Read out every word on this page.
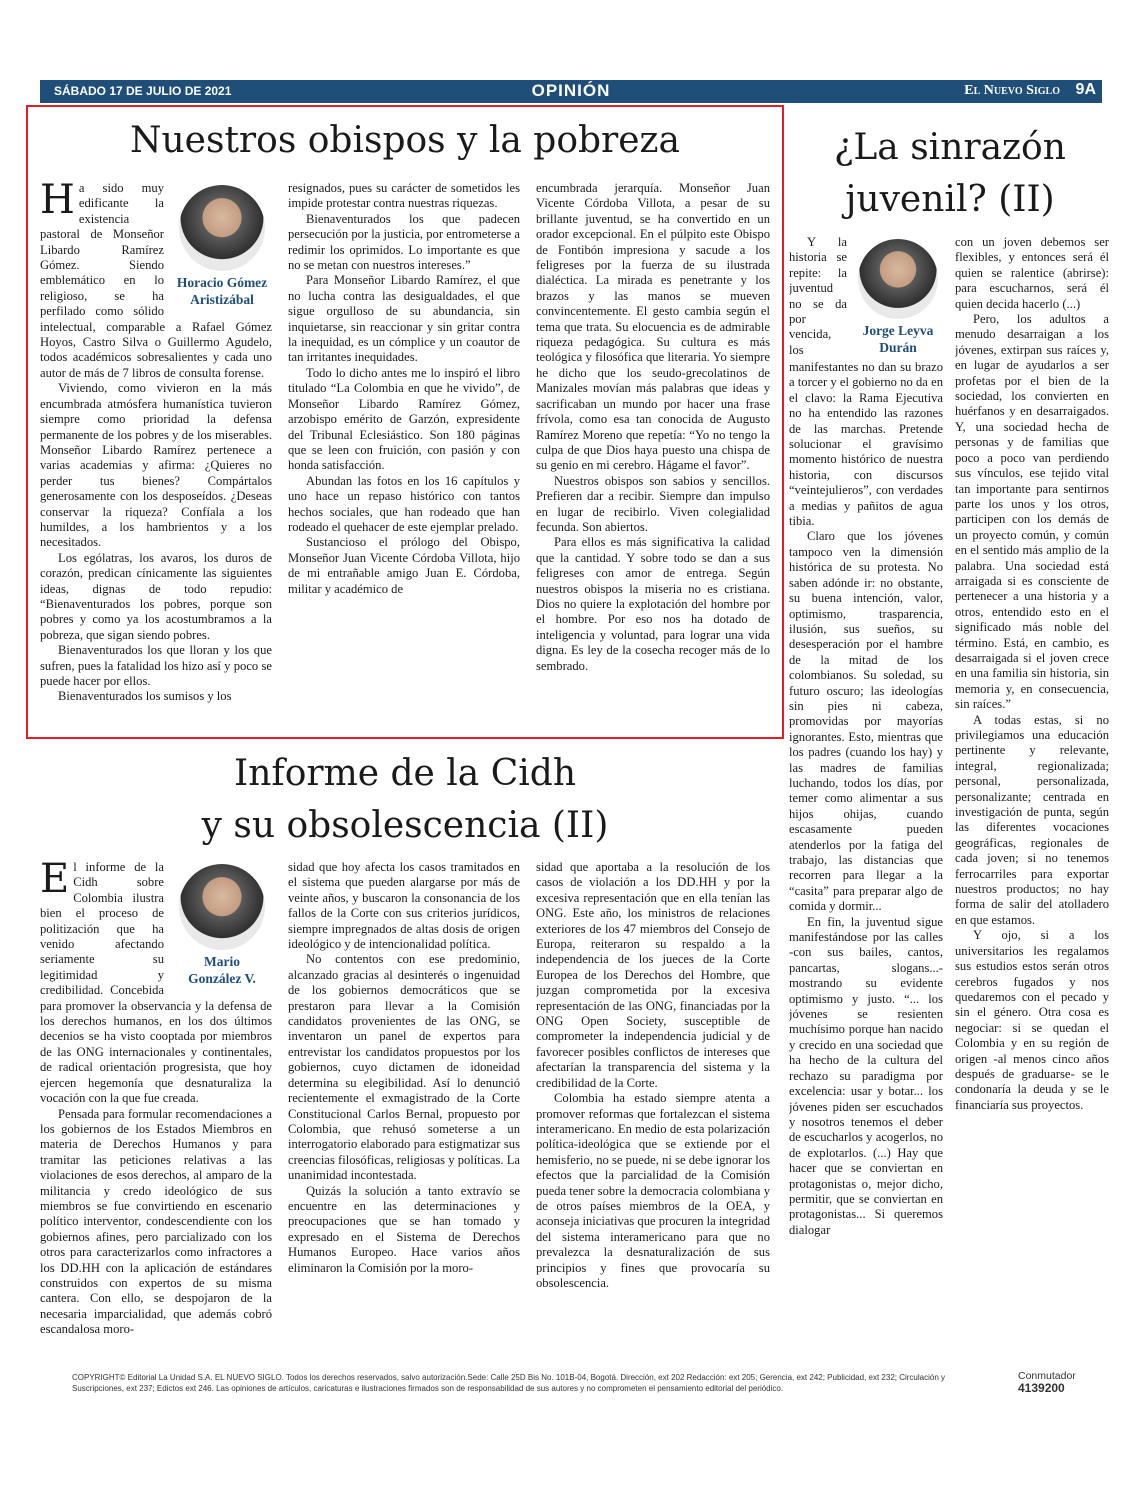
SÁBADO 17 DE JULIO DE 2021	OPINIÓN	El Nuevo Siglo 9A
Nuestros obispos y la pobreza
Horacio Gómez
Aristizábal

Ha sido muy edificante la existencia pastoral de Monseñor Libardo Ramírez Gómez. Siendo emblemático en lo religioso, se ha perfilado como sólido intelectual, comparable a Rafael Gómez Hoyos, Castro Silva o Guillermo Agudelo, todos académicos sobresalientes y cada uno autor de más de 7 libros de consulta forense.

Viviendo, como vivieron en la más encumbrada atmósfera humanística tuvieron siempre como prioridad la defensa permanente de los pobres y de los miserables. Monseñor Libardo Ramírez pertenece a varias academias y afirma: ¿Quieres no perder tus bienes? Compártalos generosamente con los desposeídos. ¿Deseas conservar la riqueza? Confíala a los humildes, a los hambrientos y a los necesitados.

Los ególatras, los avaros, los duros de corazón, predican cínicamente las siguientes ideas, dignas de todo repudio: “Bienaventurados los pobres, porque son pobres y como ya los acostumbramos a la pobreza, que sigan siendo pobres.

Bienaventurados los que lloran y los que sufren, pues la fatalidad los hizo así y poco se puede hacer por ellos.

Bienaventurados los sumisos y los

resignados, pues su carácter de sometidos les impide protestar contra nuestras riquezas.

Bienaventurados los que padecen persecución por la justicia, por entrometerse a redimir los oprimidos. Lo importante es que no se metan con nuestros intereses.”

Para Monseñor Libardo Ramírez, el que no lucha contra las desigualdades, el que sigue orgulloso de su abundancia, sin inquietarse, sin reaccionar y sin gritar contra la inequidad, es un cómplice y un coautor de tan irritantes inequidades.

Todo lo dicho antes me lo inspiró el libro titulado “La Colombia en que he vivido”, de Monseñor Libardo Ramírez Gómez, arzobispo emérito de Garzón, expresidente del Tribunal Eclesiástico. Son 180 páginas que se leen con fruición, con pasión y con honda satisfacción.

Abundan las fotos en los 16 capítulos y uno hace un repaso histórico con tantos hechos sociales, que han rodeado que han rodeado el quehacer de este ejemplar prelado.

Sustancioso el prólogo del Obispo, Monseñor Juan Vicente Córdoba Villota, hijo de mi entrañable amigo Juan E. Córdoba, militar y académico de

encumbrada jerarquía. Monseñor Juan Vicente Córdoba Villota, a pesar de su brillante juventud, se ha convertido en un orador excepcional. En el púlpito este Obispo de Fontibón impresiona y sacude a los feligreses por la fuerza de su ilustrada dialéctica. La mirada es penetrante y los brazos y las manos se mueven convincentemente. El gesto cambia según el tema que trata. Su elocuencia es de admirable riqueza pedagógica. Su cultura es más teológica y filosófica que literaria. Yo siempre he dicho que los seudo-grecolatinos de Manizales movían más palabras que ideas y sacrificaban un mundo por hacer una frase frívola, como esa tan conocida de Augusto Ramírez Moreno que repetía: “Yo no tengo la culpa de que Dios haya puesto una chispa de su genio en mi cerebro. Hágame el favor”.

Nuestros obispos son sabios y sencillos. Prefieren dar a recibir. Siempre dan impulso en lugar de recibirlo. Viven colegialidad fecunda. Son abiertos.

Para ellos es más significativa la calidad que la cantidad. Y sobre todo se dan a sus feligreses con amor de entrega. Según nuestros obispos la miseria no es cristiana. Dios no quiere la explotación del hombre por el hombre. Por eso nos ha dotado de inteligencia y voluntad, para lograr una vida digna. Es ley de la cosecha recoger más de lo sembrado.

¿La sinrazón
juvenil? (II)
Jorge Leyva
Durán

Y la historia se repite: la juventud no se da por vencida, los manifestantes no dan su brazo a torcer y el gobierno no da en el clavo: la Rama Ejecutiva no ha entendido las razones de las marchas. Pretende solucionar el gravísimo momento histórico de nuestra historia, con discursos “veintejulieros”, con verdades a medias y pañitos de agua tibia.

Claro que los jóvenes tampoco ven la dimensión histórica de su protesta. No saben adónde ir: no obstante, su buena intención, valor, optimismo, trasparencia, ilusión, sus sueños, su desesperación por el hambre de la mitad de los colombianos. Su soledad, su futuro oscuro; las ideologías sin pies ni cabeza, promovidas por mayorías ignorantes. Esto, mientras que los padres (cuando los hay) y las madres de familias luchando, todos los días, por temer como alimentar a sus hijos ohijas, cuando escasamente pueden atenderlos por la fatiga del trabajo, las distancias que recorren para llegar a la “casita” para preparar algo de comida y dormir...

En fin, la juventud sigue manifestándose por las calles -con sus bailes, cantos, pancartas, slogans...- mostrando su evidente optimismo y justo. “... los jóvenes se resienten muchísimo porque han nacido y crecido en una sociedad que ha hecho de la cultura del rechazo su paradigma por excelencia: usar y botar... los jóvenes piden ser escuchados y nosotros tenemos el deber de escucharlos y acogerlos, no de explotarlos. (...) Hay que hacer que se conviertan en protagonistas o, mejor dicho, permitir, que se conviertan en protagonistas... Si queremos dialogar

con un joven debemos ser flexibles, y entonces será él quien se ralentice (abrirse): para escucharnos, será él quien decida hacerlo (...)

Pero, los adultos a menudo desarraigan a los jóvenes, extirpan sus raíces y, en lugar de ayudarlos a ser profetas por el bien de la sociedad, los convierten en huérfanos y en desarraigados. Y, una sociedad hecha de personas y de familias que poco a poco van perdiendo sus vínculos, ese tejido vital tan importante para sentirnos parte los unos y los otros, participen con los demás de un proyecto común, y común en el sentido más amplio de la palabra. Una sociedad está arraigada si es consciente de pertenecer a una historia y a otros, entendido esto en el significado más noble del término. Está, en cambio, es desarraigada si el joven crece en una familia sin historia, sin memoria y, en consecuencia, sin raíces.”

A todas estas, si no privilegiamos una educación pertinente y relevante, integral, regionalizada; personal, personalizada, personalizante; centrada en investigación de punta, según las diferentes vocaciones geográficas, regionales de cada joven; si no tenemos ferrocarriles para exportar nuestros productos; no hay forma de salir del atolladero en que estamos.

Y ojo, si a los universitarios les regalamos sus estudios estos serán otros cerebros fugados y nos quedaremos con el pecado y sin el género. Otra cosa es negociar: si se quedan el Colombia y en su región de origen -al menos cinco años después de graduarse- se le condonaría la deuda y se le financiaría sus proyectos.

Informe de la Cidh
y su obsolescencia (II)
Mario
González V.

El informe de la Cidh sobre Colombia ilustra bien el proceso de politización que ha venido afectando seriamente su legitimidad y credibilidad. Concebida para promover la observancia y la defensa de los derechos humanos, en los dos últimos decenios se ha visto cooptada por miembros de las ONG internacionales y continentales, de radical orientación progresista, que hoy ejercen hegemonía que desnaturaliza la vocación con la que fue creada.

Pensada para formular recomendaciones a los gobiernos de los Estados Miembros en materia de Derechos Humanos y para tramitar las peticiones relativas a las violaciones de esos derechos, al amparo de la militancia y credo ideológico de sus miembros se fue convirtiendo en escenario político interventor, condescendiente con los gobiernos afines, pero parcializado con los otros para caracterizarlos como infractores a los DD.HH con la aplicación de estándares construidos con expertos de su misma cantera. Con ello, se despojaron de la necesaria imparcialidad, que además cobró escandalosa moro-

sidad que hoy afecta los casos tramitados en el sistema que pueden alargarse por más de veinte años, y buscaron la consonancia de los fallos de la Corte con sus criterios jurídicos, siempre impregnados de altas dosis de origen ideológico y de intencionalidad política.

No contentos con ese predominio, alcanzado gracias al desinterés o ingenuidad de los gobiernos democráticos que se prestaron para llevar a la Comisión candidatos provenientes de las ONG, se inventaron un panel de expertos para entrevistar los candidatos propuestos por los gobiernos, cuyo dictamen de idoneidad determina su elegibilidad. Así lo denunció recientemente el exmagistrado de la Corte Constitucional Carlos Bernal, propuesto por Colombia, que rehusó someterse a un interrogatorio elaborado para estigmatizar sus creencias filosóficas, religiosas y políticas. La unanimidad incontestada.

Quizás la solución a tanto extravío se encuentre en las determinaciones y preocupaciones que se han tomado y expresado en el Sistema de Derechos Humanos Europeo. Hace varios años eliminaron la Comisión por la moro-

sidad que aportaba a la resolución de los casos de violación a los DD.HH y por la excesiva representación que en ella tenían las ONG. Este año, los ministros de relaciones exteriores de los 47 miembros del Consejo de Europa, reiteraron su respaldo a la independencia de los jueces de la Corte Europea de los Derechos del Hombre, que juzgan comprometida por la excesiva representación de las ONG, financiadas por la ONG Open Society, susceptible de comprometer la independencia judicial y de favorecer posibles conflictos de intereses que afectarían la transparencia del sistema y la credibilidad de la Corte.

Colombia ha estado siempre atenta a promover reformas que fortalezcan el sistema interamericano. En medio de esta polarización política-ideológica que se extiende por el hemisferio, no se puede, ni se debe ignorar los efectos que la parcialidad de la Comisión pueda tener sobre la democracia colombiana y de otros países miembros de la OEA, y aconseja iniciativas que procuren la integridad del sistema interamericano para que no prevalezca la desnaturalización de sus principios y fines que provocaría su obsolescencia.

COPYRIGHT© Editorial La Unidad S.A. EL NUEVO SIGLO. Todos los derechos reservados, salvo autorización.Sede: Calle 25D Bis No. 101B-04, Bogotá. Dirección, ext 202 Redacción: ext 205; Gerencia, ext 242; Publicidad, ext 232; Circulación y Suscripciones, ext 237; Edictos ext 246. Las opiniones de artículos, caricaturas e ilustraciones firmados son de responsabilidad de sus autores y no comprometen el pensamiento editorial del periódico.
Conmutador
4139200
